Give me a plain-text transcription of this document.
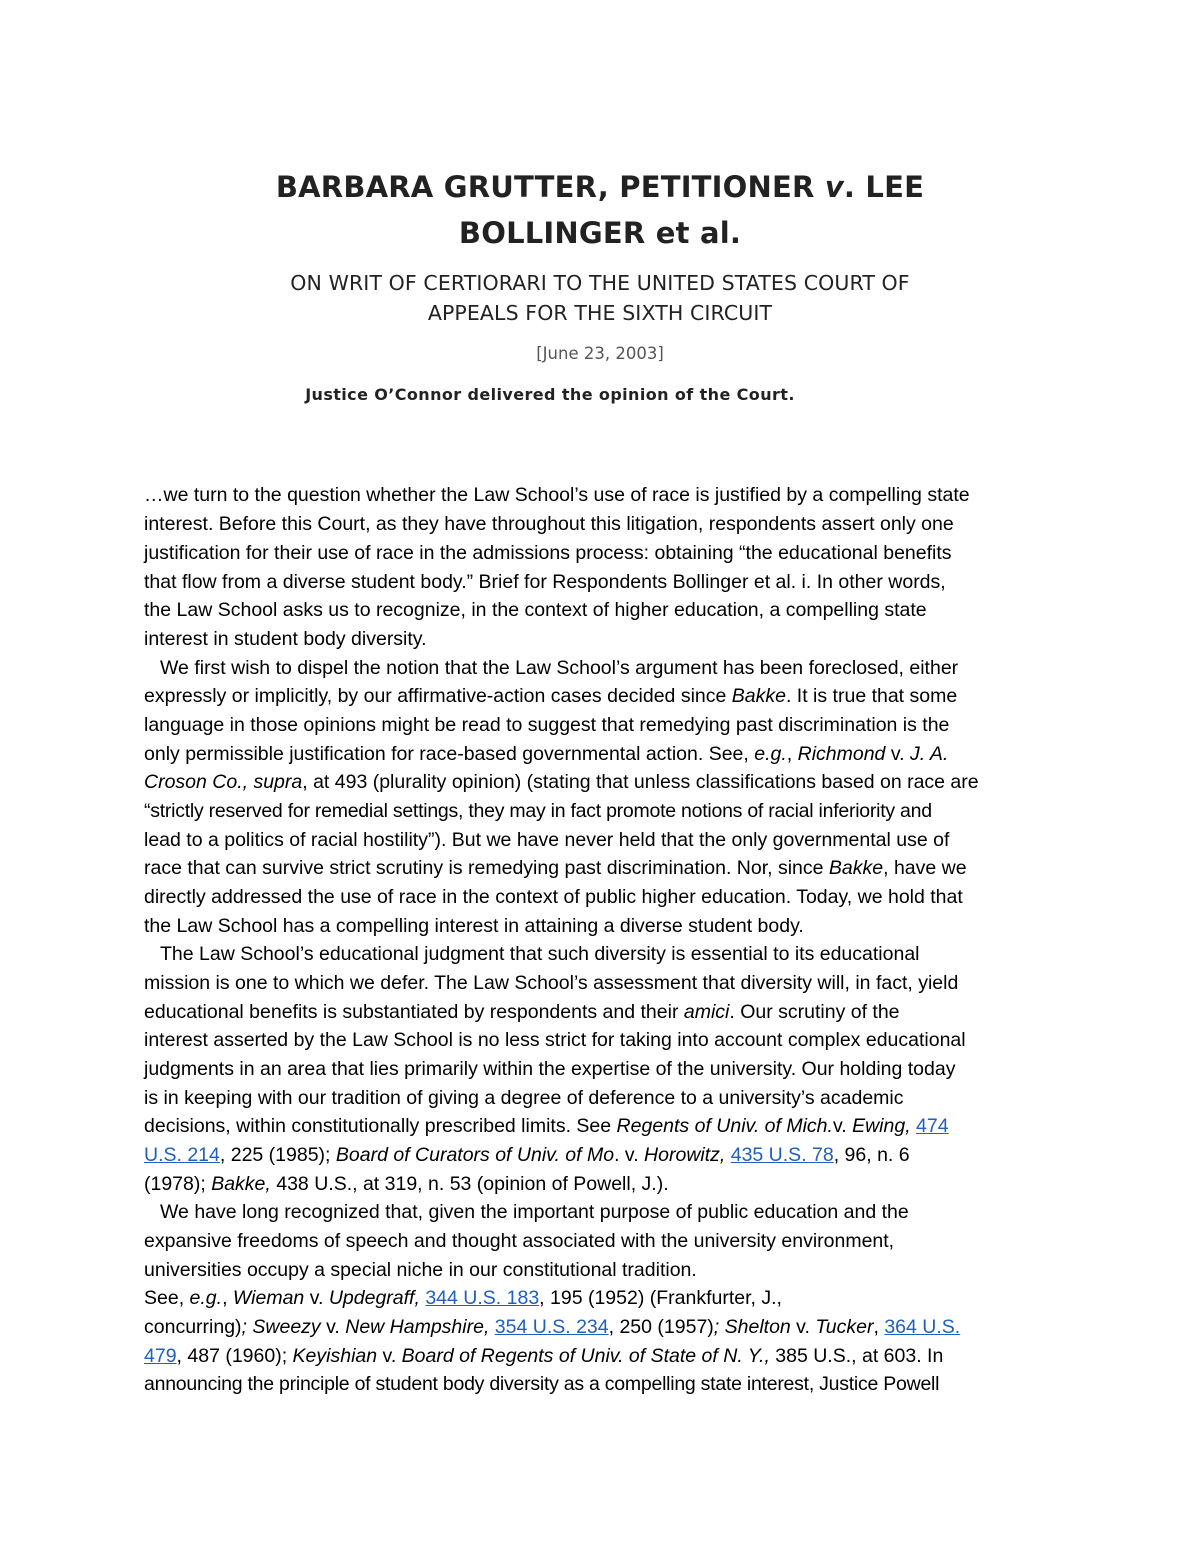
BARBARA GRUTTER, PETITIONER v. LEE
BOLLINGER et al.
ON WRIT OF CERTIORARI TO THE UNITED STATES COURT OF
APPEALS FOR THE SIXTH CIRCUIT
[June 23, 2003]
Justice O’Connor delivered the opinion of the Court.
…we turn to the question whether the Law School’s use of race is justified by a compelling state
interest. Before this Court, as they have throughout this litigation, respondents assert only one
justification for their use of race in the admissions process: obtaining “the educational benefits
that flow from a diverse student body.” Brief for Respondents Bollinger et al. i. In other words,
the Law School asks us to recognize, in the context of higher education, a compelling state
interest in student body diversity.
We first wish to dispel the notion that the Law School’s argument has been foreclosed, either
expressly or implicitly, by our affirmative-action cases decided since Bakke. It is true that some
language in those opinions might be read to suggest that remedying past discrimination is the
only permissible justification for race-based governmental action. See, e.g., Richmond v. J. A.
Croson Co., supra, at 493 (plurality opinion) (stating that unless classifications based on race are
“strictly reserved for remedial settings, they may in fact promote notions of racial inferiority and
lead to a politics of racial hostility”). But we have never held that the only governmental use of
race that can survive strict scrutiny is remedying past discrimination. Nor, since Bakke, have we
directly addressed the use of race in the context of public higher education. Today, we hold that
the Law School has a compelling interest in attaining a diverse student body.
The Law School’s educational judgment that such diversity is essential to its educational
mission is one to which we defer. The Law School’s assessment that diversity will, in fact, yield
educational benefits is substantiated by respondents and their amici. Our scrutiny of the
interest asserted by the Law School is no less strict for taking into account complex educational
judgments in an area that lies primarily within the expertise of the university. Our holding today
is in keeping with our tradition of giving a degree of deference to a university’s academic
decisions, within constitutionally prescribed limits. See Regents of Univ. of Mich.v. Ewing, 474
U.S. 214, 225 (1985); Board of Curators of Univ. of Mo. v. Horowitz, 435 U.S. 78, 96, n. 6
(1978); Bakke, 438 U.S., at 319, n. 53 (opinion of Powell, J.).
We have long recognized that, given the important purpose of public education and the
expansive freedoms of speech and thought associated with the university environment,
universities occupy a special niche in our constitutional tradition.
See, e.g., Wieman v. Updegraff, 344 U.S. 183, 195 (1952) (Frankfurter, J.,
concurring); Sweezy v. New Hampshire, 354 U.S. 234, 250 (1957); Shelton v. Tucker, 364 U.S.
479, 487 (1960); Keyishian v. Board of Regents of Univ. of State of N. Y., 385 U.S., at 603. In
announcing the principle of student body diversity as a compelling state interest, Justice Powell
